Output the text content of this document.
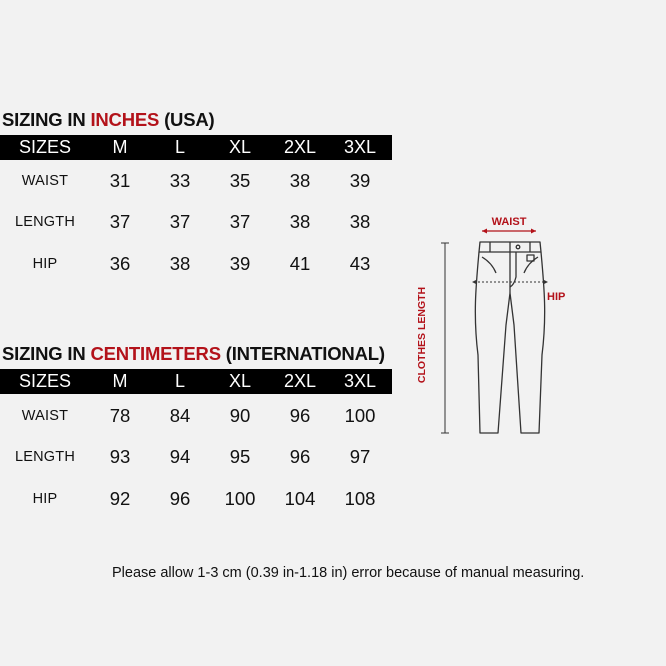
SIZING IN INCHES (USA)
SIZES	M	L	XL	2XL	3XL
WAIST	31	33	35	38	39
LENGTH	37	37	37	38	38
HIP	36	38	39	41	43
SIZING IN CENTIMETERS (INTERNATIONAL)
SIZES	M	L	XL	2XL	3XL
WAIST	78	84	90	96	100
LENGTH	93	94	95	96	97
HIP	92	96	100	104	108
WAIST
HIP
CLOTHES LENGTH
Please allow 1-3 cm (0.39 in-1.18 in) error because of manual measuring.
